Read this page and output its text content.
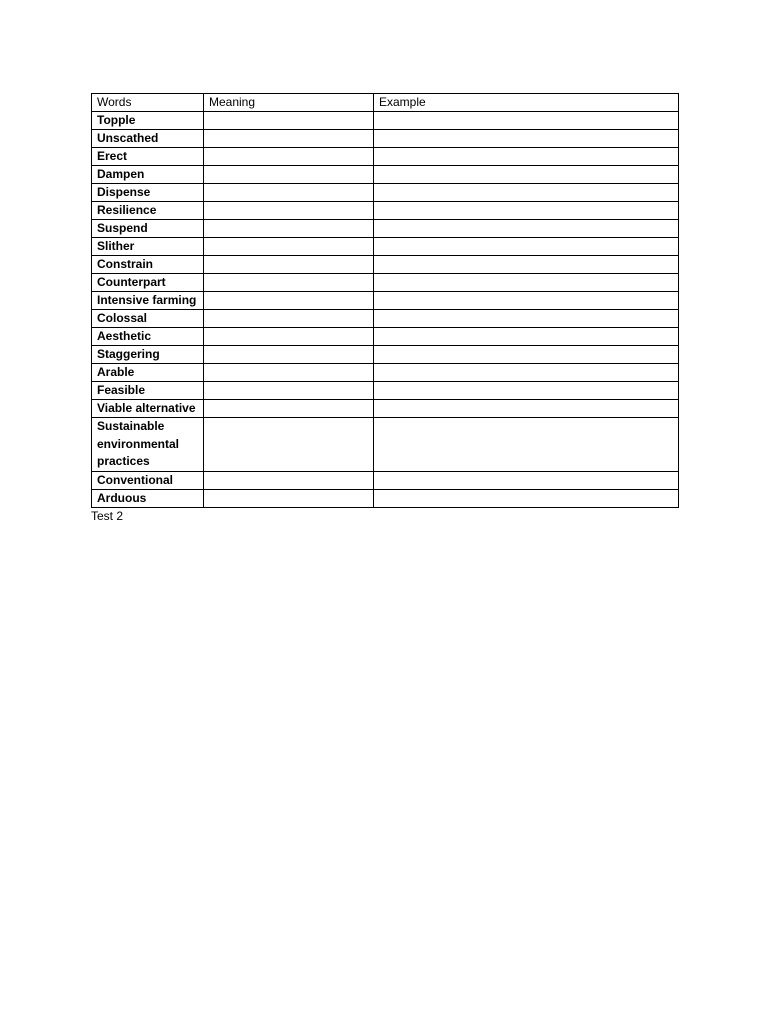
Words	Meaning	Example
Topple		
Unscathed		
Erect		
Dampen		
Dispense		
Resilience		
Suspend		
Slither		
Constrain		
Counterpart		
Intensive farming		
Colossal		
Aesthetic		
Staggering		
Arable		
Feasible		
Viable alternative		
Sustainable environmental practices		
Conventional		
Arduous		
Test 2
